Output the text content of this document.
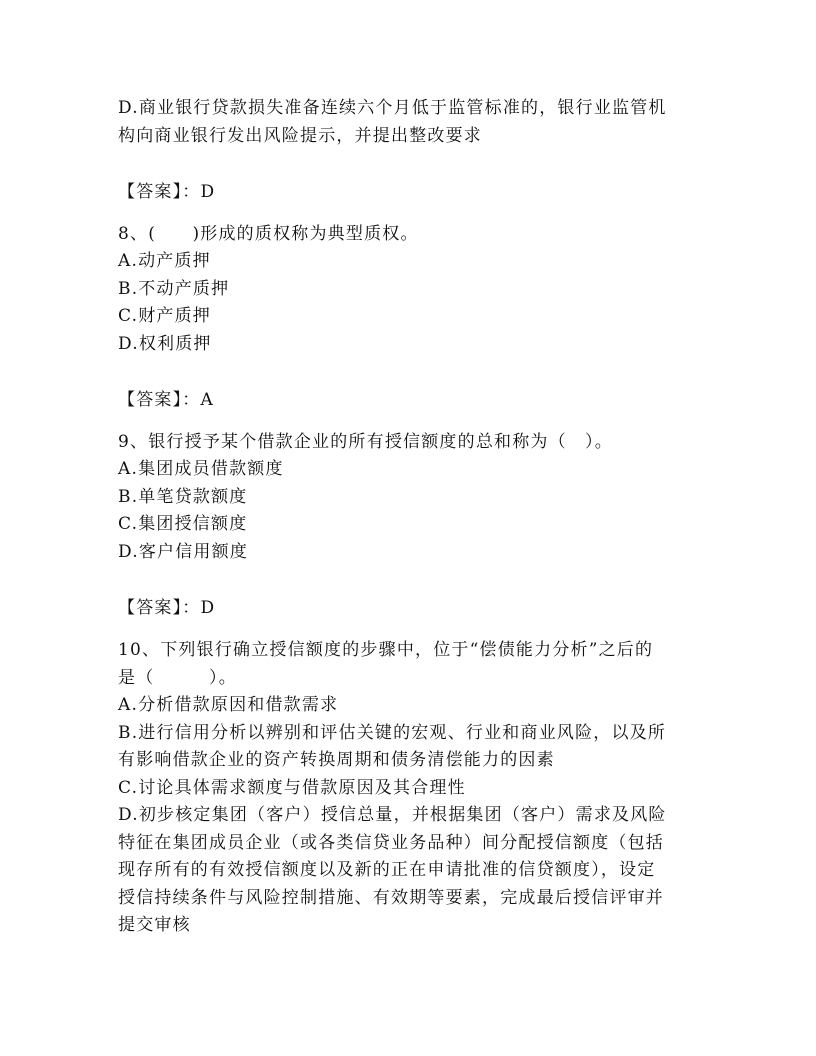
D.商业银行贷款损失准备连续六个月低于监管标准的，银行业监管机
构向商业银行发出风险提示，并提出整改要求
【答案】：D
8、(　　)形成的质权称为典型质权。
A.动产质押
B.不动产质押
C.财产质押
D.权利质押
【答案】：A
9、银行授予某个借款企业的所有授信额度的总和称为（　）。
A.集团成员借款额度
B.单笔贷款额度
C.集团授信额度
D.客户信用额度
【答案】：D
10、下列银行确立授信额度的步骤中，位于“偿债能力分析”之后的
是（　　　）。
A.分析借款原因和借款需求
B.进行信用分析以辨别和评估关键的宏观、行业和商业风险，以及所
有影响借款企业的资产转换周期和债务清偿能力的因素
C.讨论具体需求额度与借款原因及其合理性
D.初步核定集团（客户）授信总量，并根据集团（客户）需求及风险
特征在集团成员企业（或各类信贷业务品种）间分配授信额度（包括
现存所有的有效授信额度以及新的正在申请批准的信贷额度），设定
授信持续条件与风险控制措施、有效期等要素，完成最后授信评审并
提交审核
